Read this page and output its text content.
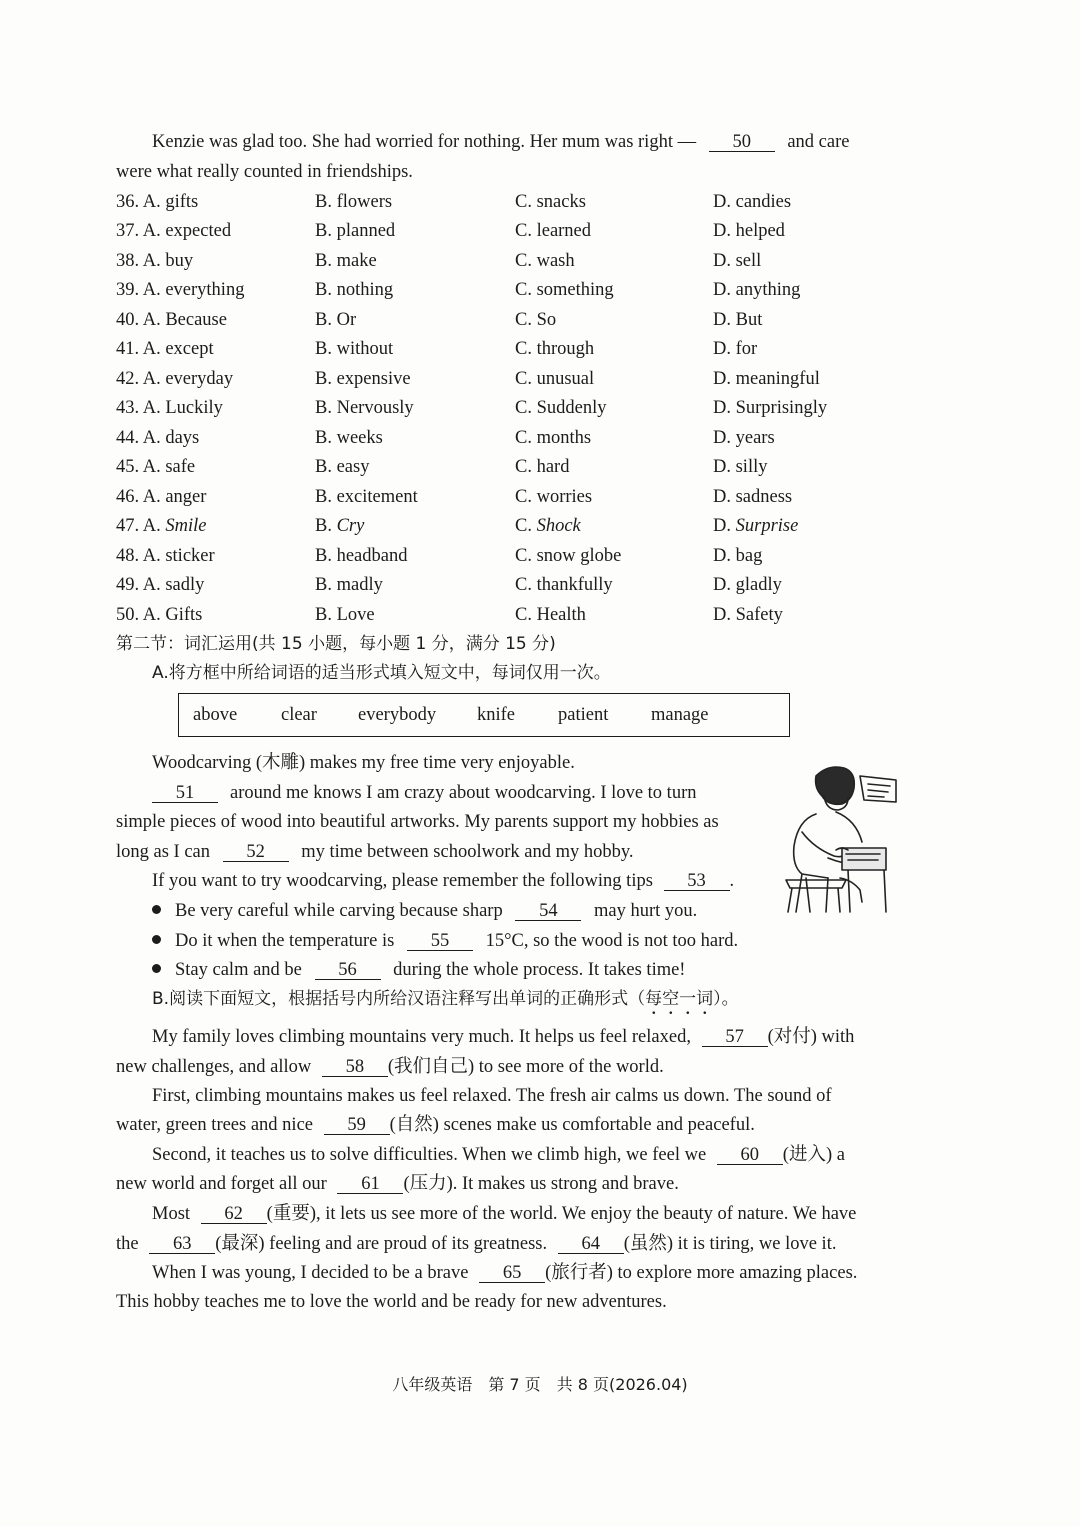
Kenzie was glad too. She had worried for nothing. Her mum was right — 50 and care
were what really counted in friendships.
36. A. gifts	B. flowers	C. snacks	D. candies
37. A. expected	B. planned	C. learned	D. helped
38. A. buy	B. make	C. wash	D. sell
39. A. everything	B. nothing	C. something	D. anything
40. A. Because	B. Or	C. So	D. But
41. A. except	B. without	C. through	D. for
42. A. everyday	B. expensive	C. unusual	D. meaningful
43. A. Luckily	B. Nervously	C. Suddenly	D. Surprisingly
44. A. days	B. weeks	C. months	D. years
45. A. safe	B. easy	C. hard	D. silly
46. A. anger	B. excitement	C. worries	D. sadness
47. A. Smile	B. Cry	C. Shock	D. Surprise
48. A. sticker	B. headband	C. snow globe	D. bag
49. A. sadly	B. madly	C. thankfully	D. gladly
50. A. Gifts	B. Love	C. Health	D. Safety
第二节：词汇运用(共 15 小题，每小题 1 分，满分 15 分)
A.将方框中所给词语的适当形式填入短文中，每词仅用一次。
above clear everybody knife patient manage
Woodcarving (木雕) makes my free time very enjoyable.
51 around me knows I am crazy about woodcarving. I love to turn
simple pieces of wood into beautiful artworks. My parents support my hobbies as
long as I can 52 my time between schoolwork and my hobby.
If you want to try woodcarving, please remember the following tips 53 .
Be very careful while carving because sharp 54 may hurt you.
Do it when the temperature is 55 15°C, so the wood is not too hard.
Stay calm and be 56 during the whole process. It takes time!
B.阅读下面短文，根据括号内所给汉语注释写出单词的正确形式（每空一词）。
My family loves climbing mountains very much. It helps us feel relaxed, 57 (对付) with
new challenges, and allow 58 (我们自己) to see more of the world.
First, climbing mountains makes us feel relaxed. The fresh air calms us down. The sound of
water, green trees and nice 59 (自然) scenes make us comfortable and peaceful.
Second, it teaches us to solve difficulties. When we climb high, we feel we 60 (进入) a
new world and forget all our 61 (压力). It makes us strong and brave.
Most 62 (重要), it lets us see more of the world. We enjoy the beauty of nature. We have
the 63 (最深) feeling and are proud of its greatness. 64 (虽然) it is tiring, we love it.
When I was young, I decided to be a brave 65 (旅行者) to explore more amazing places.
This hobby teaches me to love the world and be ready for new adventures.
八年级英语　第 7 页　共 8 页(2026.04)
